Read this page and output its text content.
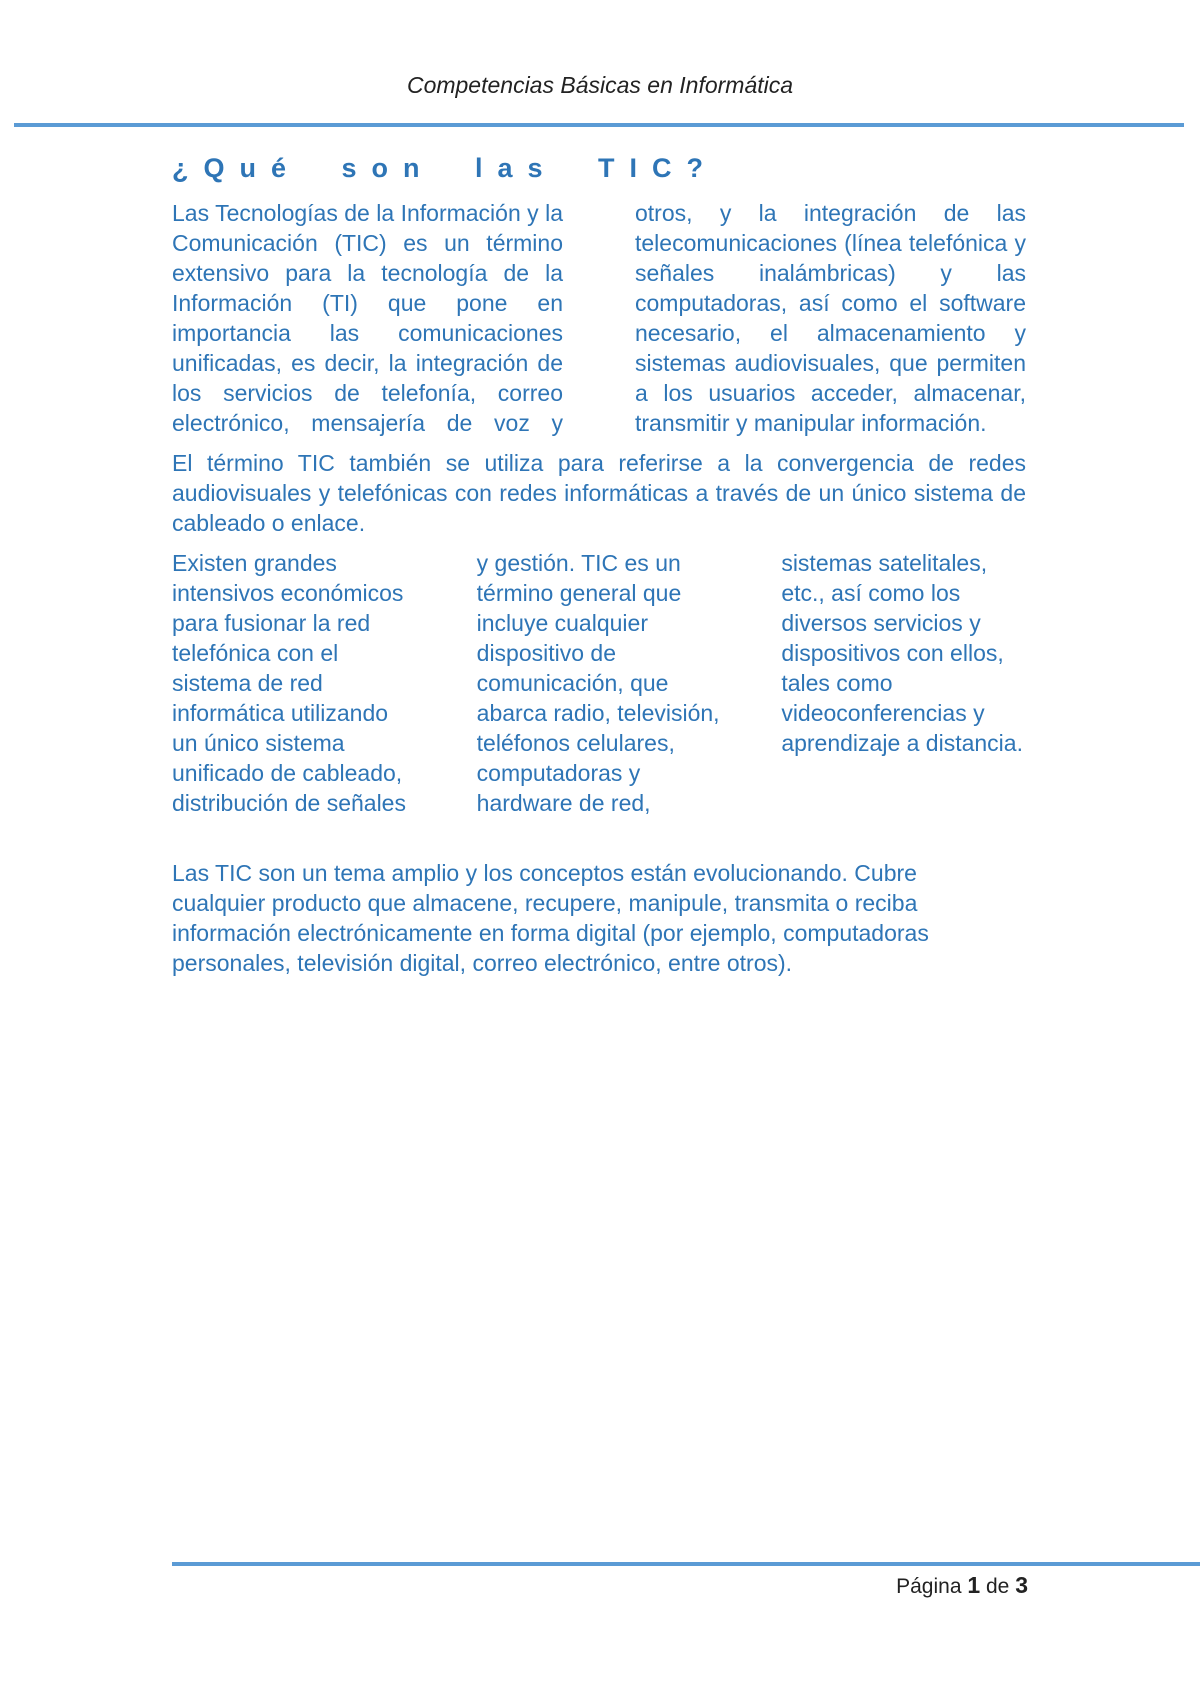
Competencias Básicas en Informática
¿Qué son las TIC?

Las Tecnologías de la Información y la Comunicación (TIC) es un término extensivo para la tecnología de la Información (TI) que pone en importancia las comunicaciones unificadas, es decir, la integración de los servicios de telefonía, correo electrónico, mensajería de voz y otros, y la integración de las telecomunicaciones (línea telefónica y señales inalámbricas) y las computadoras, así como el software necesario, el almacenamiento y sistemas audiovisuales, que permiten a los usuarios acceder, almacenar, transmitir y manipular información.

El término TIC también se utiliza para referirse a la convergencia de redes audiovisuales y telefónicas con redes informáticas a través de un único sistema de cableado o enlace.

Existen grandes intensivos económicos para fusionar la red telefónica con el sistema de red informática utilizando un único sistema unificado de cableado, distribución de señales y gestión. TIC es un término general que incluye cualquier dispositivo de comunicación, que abarca radio, televisión, teléfonos celulares, computadoras y hardware de red, sistemas satelitales, etc., así como los diversos servicios y dispositivos con ellos, tales como videoconferencias y aprendizaje a distancia.

Las TIC son un tema amplio y los conceptos están evolucionando. Cubre cualquier producto que almacene, recupere, manipule, transmita o reciba información electrónicamente en forma digital (por ejemplo, computadoras personales, televisión digital, correo electrónico, entre otros).

Página 1 de 3
